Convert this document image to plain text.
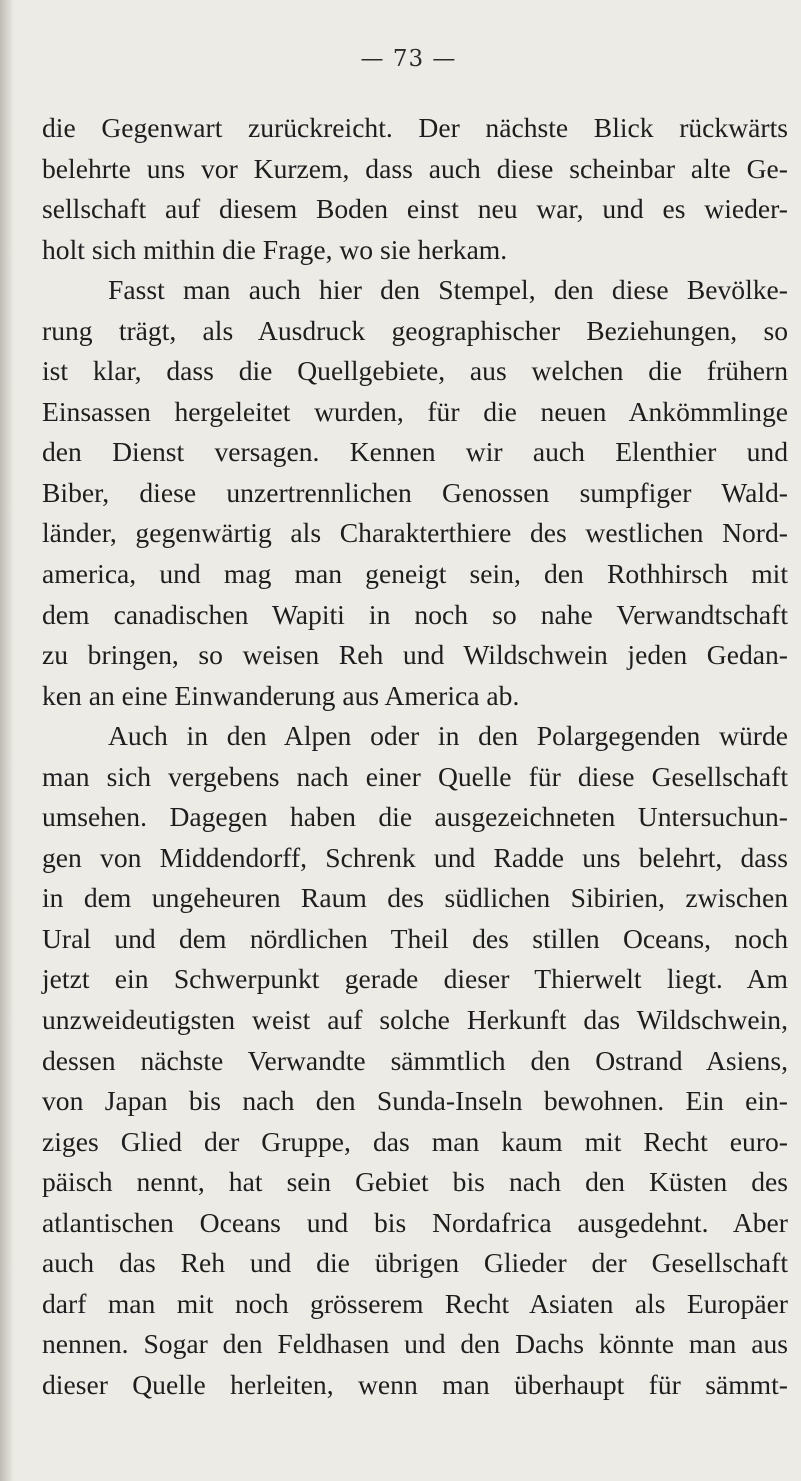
— 73 —
die Gegenwart zurückreicht. Der nächste Blick rückwärts
belehrte uns vor Kurzem, dass auch diese scheinbar alte Ge-
sellschaft auf diesem Boden einst neu war, und es wieder-
holt sich mithin die Frage, wo sie herkam.
Fasst man auch hier den Stempel, den diese Bevölke-
rung trägt, als Ausdruck geographischer Beziehungen, so
ist klar, dass die Quellgebiete, aus welchen die frühern
Einsassen hergeleitet wurden, für die neuen Ankömmlinge
den Dienst versagen. Kennen wir auch Elenthier und
Biber, diese unzertrennlichen Genossen sumpfiger Wald-
länder, gegenwärtig als Charakterthiere des westlichen Nord-
america, und mag man geneigt sein, den Rothhirsch mit
dem canadischen Wapiti in noch so nahe Verwandtschaft
zu bringen, so weisen Reh und Wildschwein jeden Gedan-
ken an eine Einwanderung aus America ab.
Auch in den Alpen oder in den Polargegenden würde
man sich vergebens nach einer Quelle für diese Gesellschaft
umsehen. Dagegen haben die ausgezeichneten Untersuchun-
gen von Middendorff, Schrenk und Radde uns belehrt, dass
in dem ungeheuren Raum des südlichen Sibirien, zwischen
Ural und dem nördlichen Theil des stillen Oceans, noch
jetzt ein Schwerpunkt gerade dieser Thierwelt liegt. Am
unzweideutigsten weist auf solche Herkunft das Wildschwein,
dessen nächste Verwandte sämmtlich den Ostrand Asiens,
von Japan bis nach den Sunda-Inseln bewohnen. Ein ein-
ziges Glied der Gruppe, das man kaum mit Recht euro-
päisch nennt, hat sein Gebiet bis nach den Küsten des
atlantischen Oceans und bis Nordafrica ausgedehnt. Aber
auch das Reh und die übrigen Glieder der Gesellschaft
darf man mit noch grösserem Recht Asiaten als Europäer
nennen. Sogar den Feldhasen und den Dachs könnte man aus
dieser Quelle herleiten, wenn man überhaupt für sämmt-
